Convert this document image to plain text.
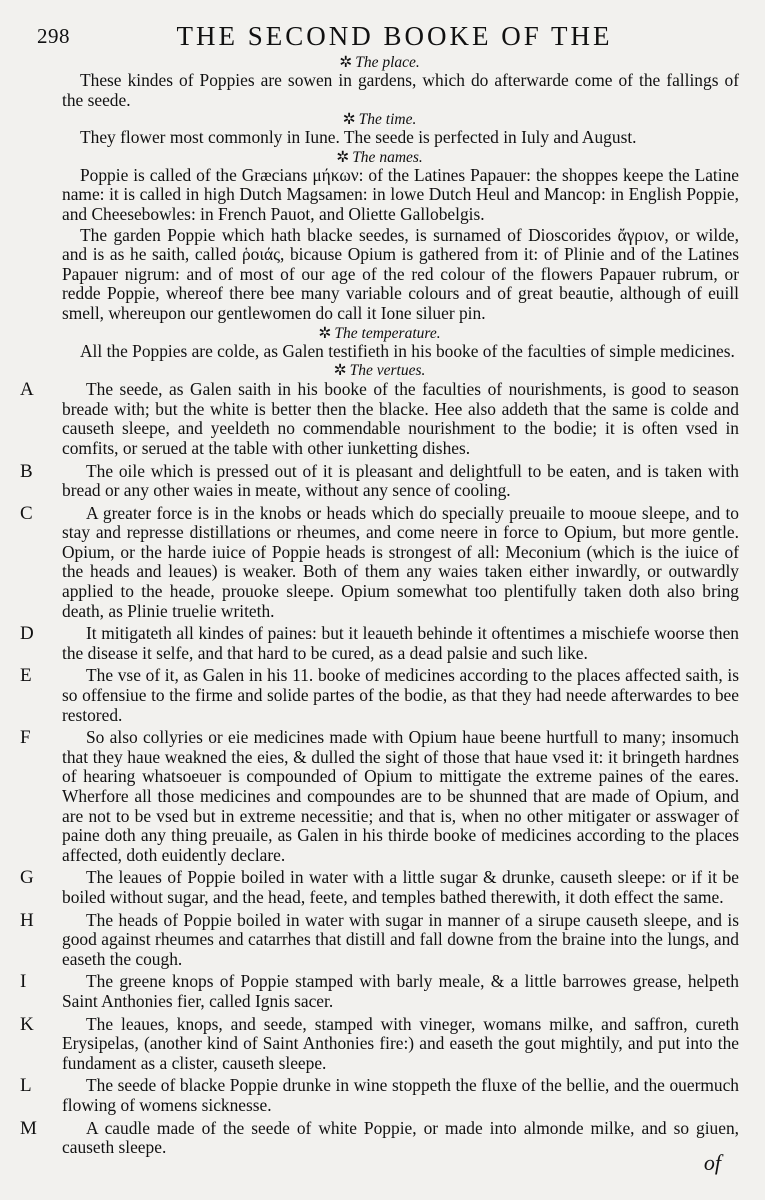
298	THE SECOND BOOKE OF THE

✲ The place.

These kindes of Poppies are sowen in gardens, which do afterwarde come of the fallings of the seede.

✲ The time.

They flower most commonly in Iune. The seede is perfected in Iuly and August.

✲ The names.

Poppie is called of the Græcians μήκων: of the Latines Papauer: the shoppes keepe the Latine name: it is called in high Dutch Magsamen: in lowe Dutch Heul and Mancop: in English Poppie, and Cheesebowles: in French Pauot, and Oliette Gallobelgis.

The garden Poppie which hath blacke seedes, is surnamed of Dioscorides ἄγριον, or wilde, and is as he saith, called ῥοιάς, bicause Opium is gathered from it: of Plinie and of the Latines Papauer nigrum: and of most of our age of the red colour of the flowers Papauer rubrum, or redde Poppie, whereof there bee many variable colours and of great beautie, although of euill smell, whereupon our gentlewomen do call it Ione siluer pin.

✲ The temperature.

All the Poppies are colde, as Galen testifieth in his booke of the faculties of simple medicines.

✲ The vertues.

A	The seede, as Galen saith in his booke of the faculties of nourishments, is good to season breade with; but the white is better then the blacke. Hee also addeth that the same is colde and causeth sleepe, and yeeldeth no commendable nourishment to the bodie; it is often vsed in comfits, or serued at the table with other iunketting dishes.
B	The oile which is pressed out of it is pleasant and delightfull to be eaten, and is taken with bread or any other waies in meate, without any sence of cooling.
C	A greater force is in the knobs or heads which do specially preuaile to mooue sleepe, and to stay and represse distillations or rheumes, and come neere in force to Opium, but more gentle. Opium, or the harde iuice of Poppie heads is strongest of all: Meconium (which is the iuice of the heads and leaues) is weaker. Both of them any waies taken either inwardly, or outwardly applied to the heade, prouoke sleepe. Opium somewhat too plentifully taken doth also bring death, as Plinie truelie writeth.
D	It mitigateth all kindes of paines: but it leaueth behinde it oftentimes a mischiefe woorse then the disease it selfe, and that hard to be cured, as a dead palsie and such like.
E	The vse of it, as Galen in his 11. booke of medicines according to the places affected saith, is so offensiue to the firme and solide partes of the bodie, as that they had neede afterwardes to bee restored.
F	So also collyries or eie medicines made with Opium haue beene hurtfull to many; insomuch that they haue weakned the eies, & dulled the sight of those that haue vsed it: it bringeth hardnes of hearing whatsoeuer is compounded of Opium to mittigate the extreme paines of the eares. Wherfore all those medicines and compoundes are to be shunned that are made of Opium, and are not to be vsed but in extreme necessitie; and that is, when no other mitigater or asswager of paine doth any thing preuaile, as Galen in his thirde booke of medicines according to the places affected, doth euidently declare.
G	The leaues of Poppie boiled in water with a little sugar & drunke, causeth sleepe: or if it be boiled without sugar, and the head, feete, and temples bathed therewith, it doth effect the same.
H	The heads of Poppie boiled in water with sugar in manner of a sirupe causeth sleepe, and is good against rheumes and catarrhes that distill and fall downe from the braine into the lungs, and easeth the cough.
I	The greene knops of Poppie stamped with barly meale, & a little barrowes grease, helpeth Saint Anthonies fier, called Ignis sacer.
K	The leaues, knops, and seede, stamped with vineger, womans milke, and saffron, cureth Erysipelas, (another kind of Saint Anthonies fire:) and easeth the gout mightily, and put into the fundament as a clister, causeth sleepe.
L	The seede of blacke Poppie drunke in wine stoppeth the fluxe of the bellie, and the ouermuch flowing of womens sicknesse.
M	A caudle made of the seede of white Poppie, or made into almonde milke, and so giuen, causeth sleepe.
of
